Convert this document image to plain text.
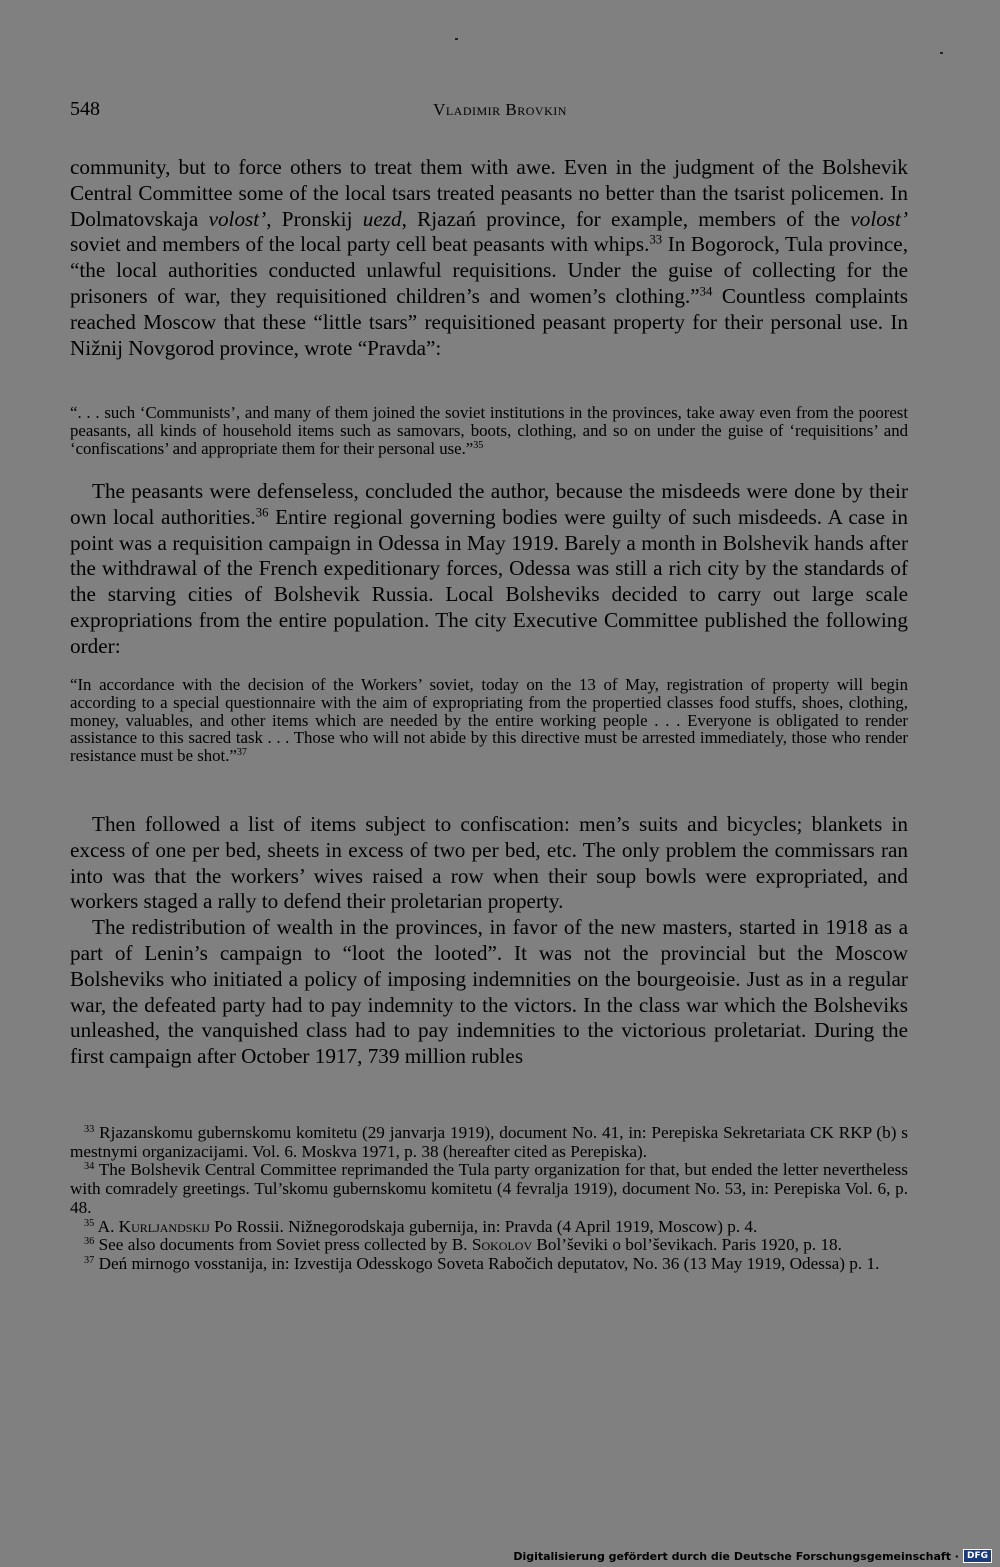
548	Vladimir Brovkin

community, but to force others to treat them with awe. Even in the judgment of the Bolshevik Central Committee some of the local tsars treated peasants no better than the tsarist policemen. In Dolmatovskaja volost’, Pronskij uezd, Rjazań province, for example, members of the volost’ soviet and members of the local party cell beat peasants with whips.$^{33}$ In Bogorock, Tula province, “the local authorities conducted unlawful requisitions. Under the guise of collecting for the prisoners of war, they requisitioned children’s and women’s clothing.”$^{34}$ Countless complaints reached Moscow that these “little tsars” requisitioned peasant property for their personal use. In Nižnij Novgorod province, wrote “Pravda”:

“. . . such ‘Communists’, and many of them joined the soviet institutions in the provinces, take away even from the poorest peasants, all kinds of household items such as samovars, boots, clothing, and so on under the guise of ‘requisitions’ and ‘confiscations’ and appropriate them for their personal use.”$^{35}$

The peasants were defenseless, concluded the author, because the misdeeds were done by their own local authorities.$^{36}$ Entire regional governing bodies were guilty of such misdeeds. A case in point was a requisition campaign in Odessa in May 1919. Barely a month in Bolshevik hands after the withdrawal of the French expeditionary forces, Odessa was still a rich city by the standards of the starving cities of Bolshevik Russia. Local Bolsheviks decided to carry out large scale expropriations from the entire population. The city Executive Committee published the following order:

“In accordance with the decision of the Workers’ soviet, today on the 13 of May, registration of property will begin according to a special questionnaire with the aim of expropriating from the propertied classes food stuffs, shoes, clothing, money, valuables, and other items which are needed by the entire working people . . . Everyone is obligated to render assistance to this sacred task . . . Those who will not abide by this directive must be arrested immediately, those who render resistance must be shot.”$^{37}$

Then followed a list of items subject to confiscation: men’s suits and bicycles; blankets in excess of one per bed, sheets in excess of two per bed, etc. The only problem the commissars ran into was that the workers’ wives raised a row when their soup bowls were expropriated, and workers staged a rally to defend their proletarian property.

The redistribution of wealth in the provinces, in favor of the new masters, started in 1918 as a part of Lenin’s campaign to “loot the looted”. It was not the provincial but the Moscow Bolsheviks who initiated a policy of imposing indemnities on the bourgeoisie. Just as in a regular war, the defeated party had to pay indemnity to the victors. In the class war which the Bolsheviks unleashed, the vanquished class had to pay indemnities to the victorious proletariat. During the first campaign after October 1917, 739 million rubles

$^{33}$ Rjazanskomu gubernskomu komitetu (29 janvarja 1919), document No. 41, in: Perepiska Sekretariata CK RKP (b) s mestnymi organizacijami. Vol. 6. Moskva 1971, p. 38 (hereafter cited as Perepiska).

$^{34}$ The Bolshevik Central Committee reprimanded the Tula party organization for that, but ended the letter nevertheless with comradely greetings. Tul’skomu gubernskomu komitetu (4 fevralja 1919), document No. 53, in: Perepiska Vol. 6, p. 48.

$^{35}$ A. Kurljandskij Po Rossii. Nižnegorodskaja gubernija, in: Pravda (4 April 1919, Moscow) p. 4.

$^{36}$ See also documents from Soviet press collected by B. Sokolov Bol’ševiki o bol’ševikach. Paris 1920, p. 18.

$^{37}$ Deń mirnogo vosstanija, in: Izvestija Odesskogo Soveta Rabočich deputatov, No. 36 (13 May 1919, Odessa) p. 1.

Digitalisierung gefördert durch die Deutsche Forschungsgemeinschaft · DFG
